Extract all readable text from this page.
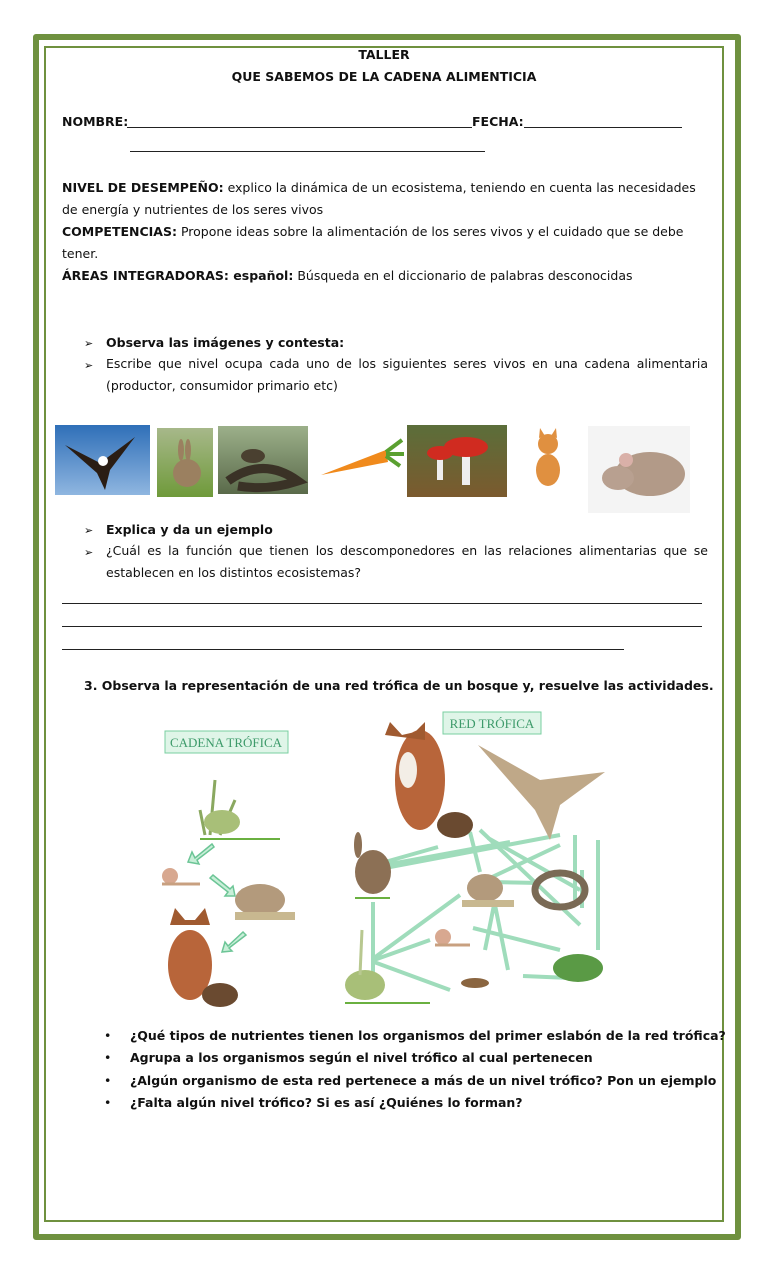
TALLER
QUE SABEMOS DE LA CADENA ALIMENTICIA
NOMBRE:	FECHA:
NIVEL DE DESEMPEÑO: explico la dinámica de un ecosistema, teniendo en cuenta las necesidades
de energía y nutrientes de los seres vivos
COMPETENCIAS: Propone ideas sobre la alimentación de los seres vivos y el cuidado que se debe
tener.
ÁREAS INTEGRADORAS: español: Búsqueda en el diccionario de palabras desconocidas
➢ Observa las imágenes y contesta:
➢ Escribe que nivel ocupa cada uno de los siguientes seres vivos en una cadena alimentaria (productor, consumidor primario etc)
➢ Explica y da un ejemplo
➢ ¿Cuál es la función que tienen los descomponedores en las relaciones alimentarias que se establecen en los distintos ecosistemas?
3. Observa la representación de una red trófica de un bosque y, resuelve las actividades.
CADENA TRÓFICA
RED TRÓFICA
• ¿Qué tipos de nutrientes tienen los organismos del primer eslabón de la red trófica?
• Agrupa a los organismos según el nivel trófico al cual pertenecen
• ¿Algún organismo de esta red pertenece a más de un nivel trófico? Pon un ejemplo
• ¿Falta algún nivel trófico? Si es así ¿Quiénes lo forman?
